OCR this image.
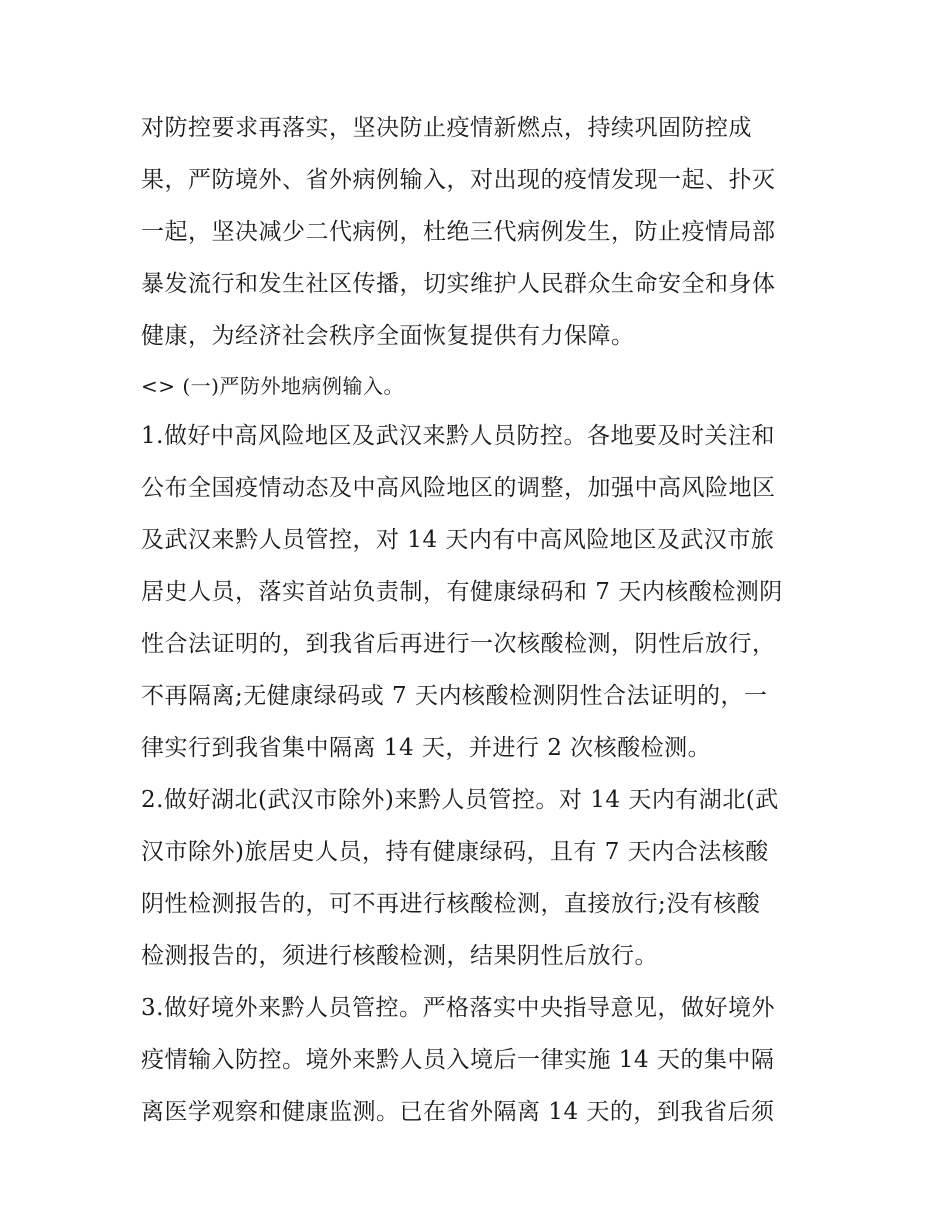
对防控要求再落实，坚决防止疫情新燃点，持续巩固防控成
果，严防境外、省外病例输入，对出现的疫情发现一起、扑灭
一起，坚决减少二代病例，杜绝三代病例发生，防止疫情局部
暴发流行和发生社区传播，切实维护人民群众生命安全和身体
健康，为经济社会秩序全面恢复提供有力保障。
<> (一)严防外地病例输入。
1.做好中高风险地区及武汉来黔人员防控。各地要及时关注和
公布全国疫情动态及中高风险地区的调整，加强中高风险地区
及武汉来黔人员管控，对 14 天内有中高风险地区及武汉市旅
居史人员，落实首站负责制，有健康绿码和 7 天内核酸检测阴
性合法证明的，到我省后再进行一次核酸检测，阴性后放行，
不再隔离;无健康绿码或 7 天内核酸检测阴性合法证明的，一
律实行到我省集中隔离 14 天，并进行 2 次核酸检测。
2.做好湖北(武汉市除外)来黔人员管控。对 14 天内有湖北(武
汉市除外)旅居史人员，持有健康绿码，且有 7 天内合法核酸
阴性检测报告的，可不再进行核酸检测，直接放行;没有核酸
检测报告的，须进行核酸检测，结果阴性后放行。
3.做好境外来黔人员管控。严格落实中央指导意见，做好境外
疫情输入防控。境外来黔人员入境后一律实施 14 天的集中隔
离医学观察和健康监测。已在省外隔离 14 天的，到我省后须
